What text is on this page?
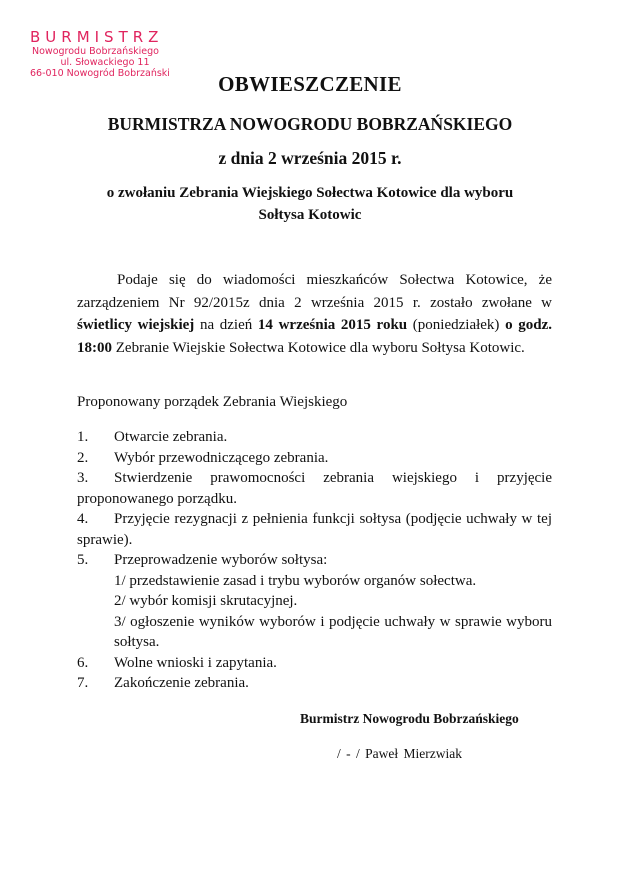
BURMISTRZ
Nowogrodu Bobrzańskiego
ul. Słowackiego 11
66-010 Nowogród Bobrzański	OBWIESZCZENIE
BURMISTRZA NOWOGRODU BOBRZAŃSKIEGO
z dnia 2 września 2015 r.
o zwołaniu Zebrania Wiejskiego Sołectwa Kotowice dla wyboru Sołtysa Kotowic
Podaje się do wiadomości mieszkańców Sołectwa Kotowice, że zarządzeniem Nr 92/2015z dnia 2 września 2015 r. zostało zwołane w świetlicy wiejskiej na dzień 14 września 2015 roku (poniedziałek) o godz. 18:00 Zebranie Wiejskie Sołectwa Kotowice dla wyboru Sołtysa Kotowic.
Proponowany porządek Zebrania Wiejskiego
1. Otwarcie zebrania.
2. Wybór przewodniczącego zebrania.
3. Stwierdzenie prawomocności zebrania wiejskiego i przyjęcie proponowanego porządku.
4. Przyjęcie rezygnacji z pełnienia funkcji sołtysa (podjęcie uchwały w tej sprawie).
5. Przeprowadzenie wyborów sołtysa:
1/ przedstawienie zasad i trybu wyborów organów sołectwa.
2/ wybór komisji skrutacyjnej.
3/ ogłoszenie wyników wyborów i podjęcie uchwały w sprawie wyboru sołtysa.
6. Wolne wnioski i zapytania.
7. Zakończenie zebrania.
Burmistrz Nowogrodu Bobrzańskiego
/ - / Paweł Mierzwiak
